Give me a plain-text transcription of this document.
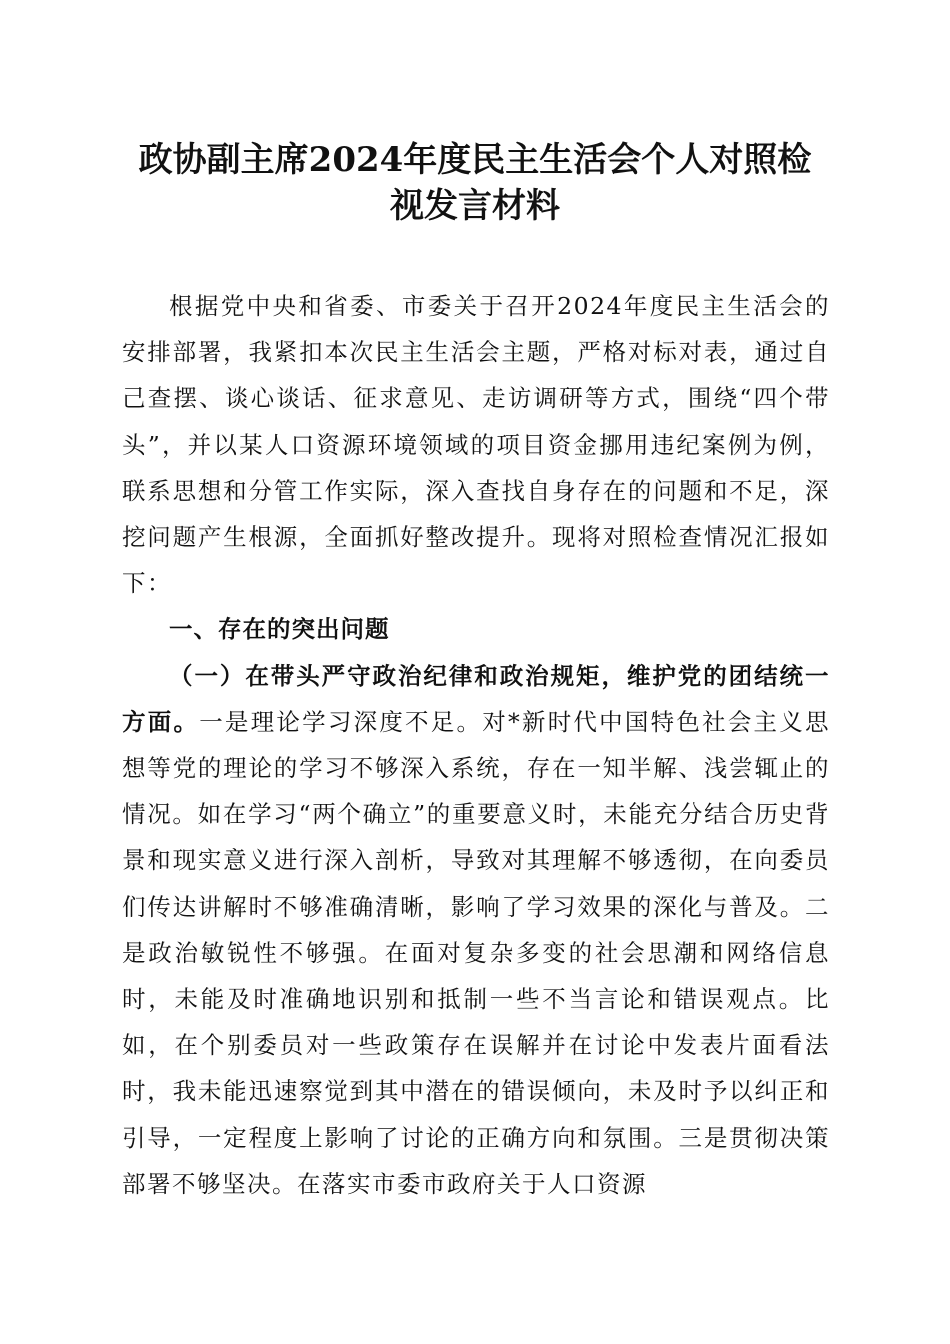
政协副主席2024年度民主生活会个人对照检
视发言材料

根据党中央和省委、市委关于召开2024年度民主生活会的安排部署，我紧扣本次民主生活会主题，严格对标对表，通过自己查摆、谈心谈话、征求意见、走访调研等方式，围绕“四个带头”，并以某人口资源环境领域的项目资金挪用违纪案例为例，联系思想和分管工作实际，深入查找自身存在的问题和不足，深挖问题产生根源，全面抓好整改提升。现将对照检查情况汇报如下：

一、存在的突出问题

（一）在带头严守政治纪律和政治规矩，维护党的团结统一方面。一是理论学习深度不足。对*新时代中国特色社会主义思想等党的理论的学习不够深入系统，存在一知半解、浅尝辄止的情况。如在学习“两个确立”的重要意义时，未能充分结合历史背景和现实意义进行深入剖析，导致对其理解不够透彻，在向委员们传达讲解时不够准确清晰，影响了学习效果的深化与普及。二是政治敏锐性不够强。在面对复杂多变的社会思潮和网络信息时，未能及时准确地识别和抵制一些不当言论和错误观点。比如，在个别委员对一些政策存在误解并在讨论中发表片面看法时，我未能迅速察觉到其中潜在的错误倾向，未及时予以纠正和引导，一定程度上影响了讨论的正确方向和氛围。三是贯彻决策部署不够坚决。在落实市委市政府关于人口资源
